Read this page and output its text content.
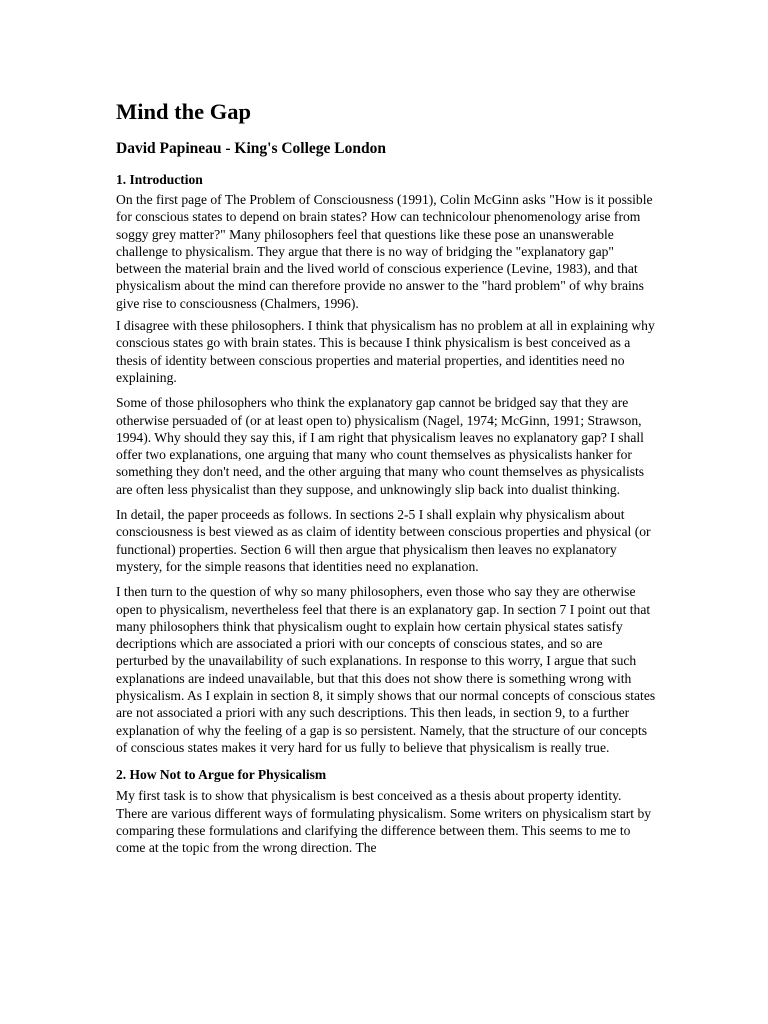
Mind the Gap
David Papineau - King's College London
1. Introduction

On the first page of The Problem of Consciousness (1991), Colin McGinn asks "How is it possible for conscious states to depend on brain states? How can technicolour phenomenology arise from soggy grey matter?" Many philosophers feel that questions like these pose an unanswerable challenge to physicalism. They argue that there is no way of bridging the "explanatory gap" between the material brain and the lived world of conscious experience (Levine, 1983), and that physicalism about the mind can therefore provide no answer to the "hard problem" of why brains give rise to consciousness (Chalmers, 1996).

I disagree with these philosophers. I think that physicalism has no problem at all in explaining why conscious states go with brain states. This is because I think physicalism is best conceived as a thesis of identity between conscious properties and material properties, and identities need no explaining.

Some of those philosophers who think the explanatory gap cannot be bridged say that they are otherwise persuaded of (or at least open to) physicalism (Nagel, 1974; McGinn, 1991; Strawson, 1994). Why should they say this, if I am right that physicalism leaves no explanatory gap? I shall offer two explanations, one arguing that many who count themselves as physicalists hanker for something they don't need, and the other arguing that many who count themselves as physicalists are often less physicalist than they suppose, and unknowingly slip back into dualist thinking.

In detail, the paper proceeds as follows. In sections 2-5 I shall explain why physicalism about consciousness is best viewed as as claim of identity between conscious properties and physical (or functional) properties. Section 6 will then argue that physicalism then leaves no explanatory mystery, for the simple reasons that identities need no explanation.

I then turn to the question of why so many philosophers, even those who say they are otherwise open to physicalism, nevertheless feel that there is an explanatory gap. In section 7 I point out that many philosophers think that physicalism ought to explain how certain physical states satisfy decriptions which are associated a priori with our concepts of conscious states, and so are perturbed by the unavailability of such explanations. In response to this worry, I argue that such explanations are indeed unavailable, but that this does not show there is something wrong with physicalism. As I explain in section 8, it simply shows that our normal concepts of conscious states are not associated a priori with any such descriptions. This then leads, in section 9, to a further explanation of why the feeling of a gap is so persistent. Namely, that the structure of our concepts of conscious states makes it very hard for us fully to believe that physicalism is really true.

2. How Not to Argue for Physicalism

My first task is to show that physicalism is best conceived as a thesis about property identity. There are various different ways of formulating physicalism. Some writers on physicalism start by comparing these formulations and clarifying the difference between them. This seems to me to come at the topic from the wrong direction. The
